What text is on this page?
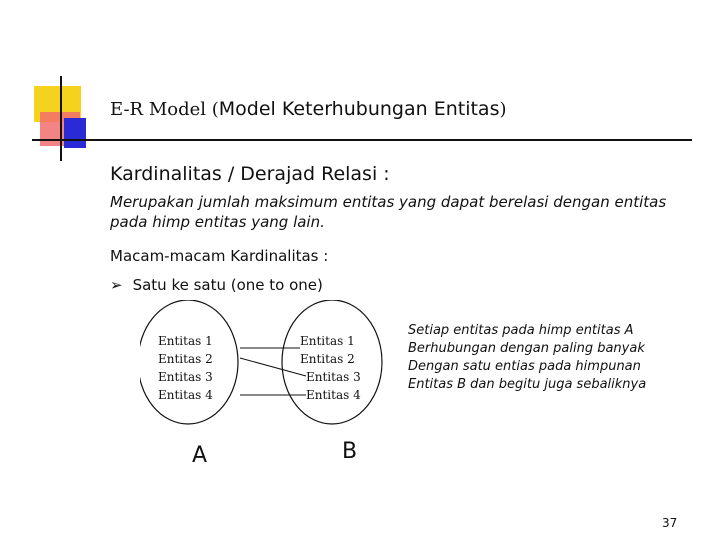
E-R Model (Model Keterhubungan Entitas)
Kardinalitas / Derajad Relasi :
Merupakan jumlah maksimum entitas yang dapat berelasi dengan entitas pada himp entitas yang lain.
Macam-macam Kardinalitas :
➢ Satu ke satu (one to one)
Entitas 1
Entitas 2
Entitas 3
Entitas 4
Entitas 1
Entitas 2
Entitas 3
Entitas 4
A	B
Setiap entitas pada himp entitas A
Berhubungan dengan paling banyak
Dengan satu entias pada himpunan
Entitas B dan begitu juga sebaliknya
37
